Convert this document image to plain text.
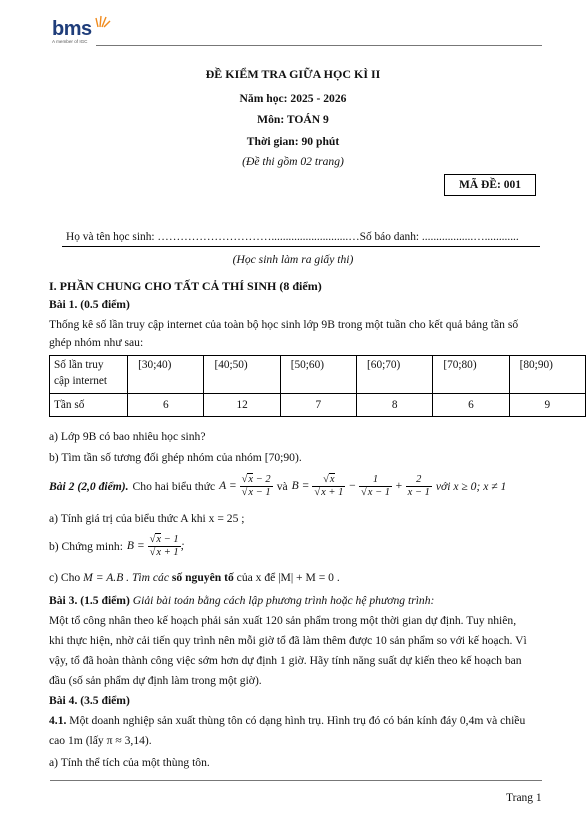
bms
A member of IGC
ĐỀ KIỂM TRA GIỮA HỌC KÌ II
Năm học: 2025 - 2026
Môn: TOÁN 9
Thời gian: 90 phút
(Đề thi gồm 02 trang)
MÃ ĐỀ: 001
Họ và tên học sinh: …………………………...........................…Số báo danh: ..................…............
(Học sinh làm ra giấy thi)

I. PHẦN CHUNG CHO TẤT CẢ THÍ SINH (8 điểm)

Bài 1. (0.5 điểm)

Thống kê số lần truy cập internet của toàn bộ học sinh lớp 9B trong một tuần cho kết quả bảng tần số

ghép nhóm như sau:

Số lần truy
cập internet	[30;40)	[40;50)	[50;60)	[60;70)	[70;80)	[80;90)
Tần số	6	12	7	8	6	9

a) Lớp 9B có bao nhiêu học sinh?

b) Tìm tần số tương đối ghép nhóm của nhóm [70;90).

Bài 2 (2,0 điểm). Cho hai biểu thức $A = \frac{√x - 2}{√x - 1}$ và $B = \frac{√x}{√x + 1} - \frac{1}{√x - 1} + \frac{2}{x - 1}$ với x ≥ 0; x ≠ 1

a) Tính giá trị của biểu thức A khi x = 25 ;

b) Chứng minh: $B = \frac{√x - 1}{√x + 1}$ ;

c) Cho M = A.B . Tìm các số nguyên tố của x để |M| + M = 0 .

Bài 3. (1.5 điểm) Giải bài toán bằng cách lập phương trình hoặc hệ phương trình:

Một tổ công nhân theo kế hoạch phải sản xuất 120 sản phẩm trong một thời gian dự định. Tuy nhiên,

khi thực hiện, nhờ cải tiến quy trình nên mỗi giờ tổ đã làm thêm được 10 sản phẩm so với kế hoạch. Vì

vậy, tổ đã hoàn thành công việc sớm hơn dự định 1 giờ. Hãy tính năng suất dự kiến theo kế hoạch ban

đầu (số sản phẩm dự định làm trong một giờ).

Bài 4. (3.5 điểm)

4.1. Một doanh nghiệp sản xuất thùng tôn có dạng hình trụ. Hình trụ đó có bán kính đáy 0,4m và chiều

cao 1m (lấy π ≈ 3,14).

a) Tính thể tích của một thùng tôn.

Trang 1
